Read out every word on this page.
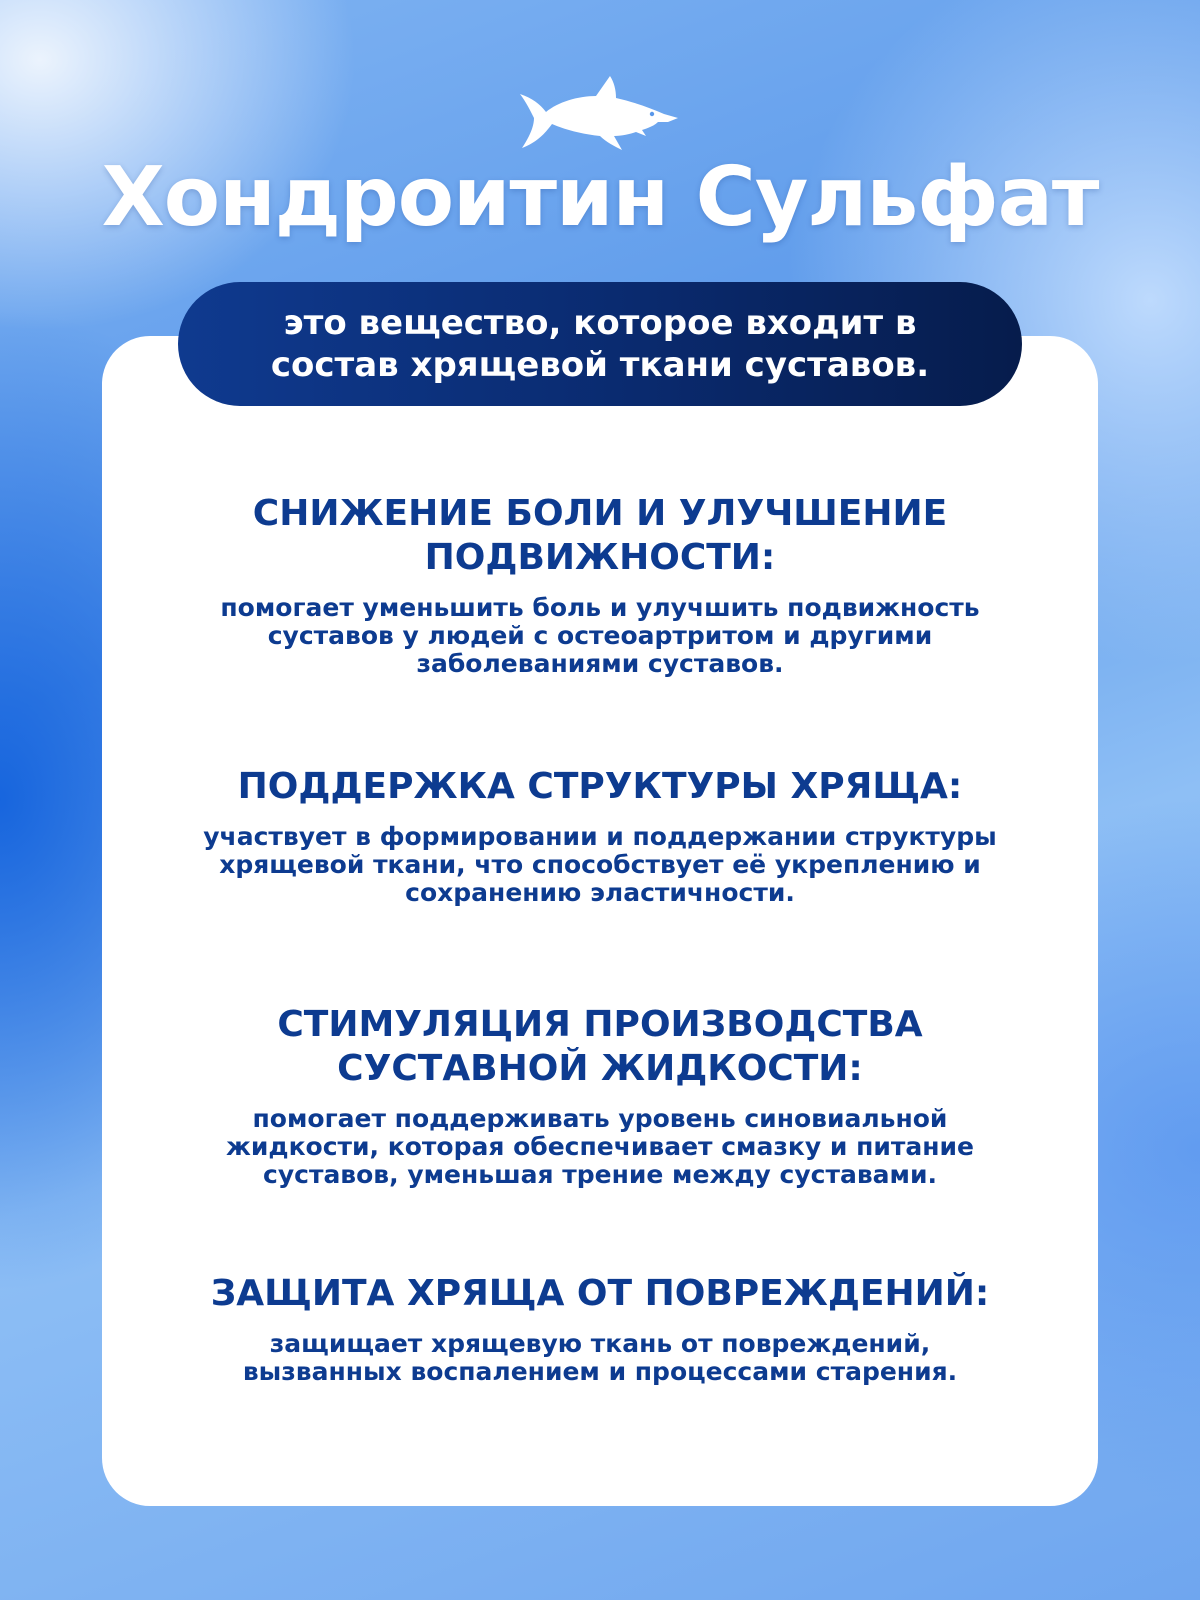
Хондроитин Сульфат
это вещество, которое входит в состав хрящевой ткани суставов.
СНИЖЕНИЕ БОЛИ И УЛУЧШЕНИЕ ПОДВИЖНОСТИ:

помогает уменьшить боль и улучшить подвижность суставов у людей с остеоартритом и другими заболеваниями суставов.

ПОДДЕРЖКА СТРУКТУРЫ ХРЯЩА:

участвует в формировании и поддержании структуры хрящевой ткани, что способствует её укреплению и сохранению эластичности.

СТИМУЛЯЦИЯ ПРОИЗВОДСТВА СУСТАВНОЙ ЖИДКОСТИ:

помогает поддерживать уровень синовиальной жидкости, которая обеспечивает смазку и питание суставов, уменьшая трение между суставами.

ЗАЩИТА ХРЯЩА ОТ ПОВРЕЖДЕНИЙ:

защищает хрящевую ткань от повреждений, вызванных воспалением и процессами старения.
